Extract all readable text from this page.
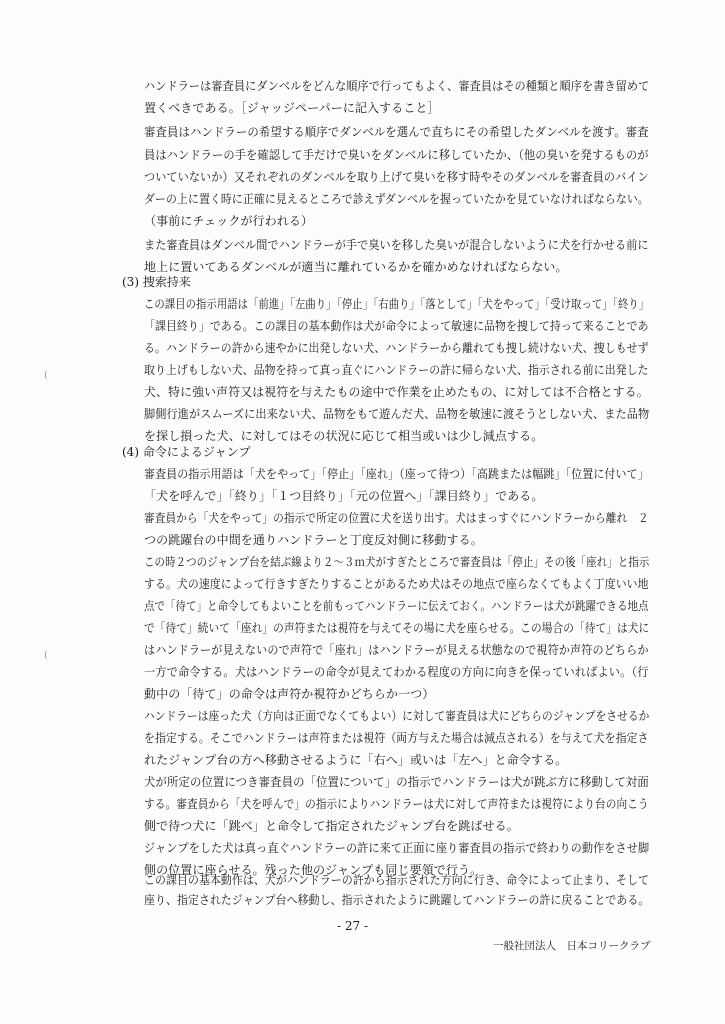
ハンドラーは審査員にダンベルをどんな順序で行ってもよく、審査員はその種類と順序を書き留めて
置くべきである。［ジャッジペーパーに記入すること］
審査員はハンドラーの希望する順序でダンベルを選んで直ちにその希望したダンベルを渡す。審査
員はハンドラーの手を確認して手だけで臭いをダンベルに移していたか、（他の臭いを発するものが
ついていないか）又それぞれのダンベルを取り上げて臭いを移す時やそのダンベルを審査員のバイン
ダーの上に置く時に正確に見えるところで診えずダンベルを握っていたかを見ていなければならない。
（事前にチェックが行われる）
また審査員はダンベル間でハンドラーが手で臭いを移した臭いが混合しないように犬を行かせる前に
地上に置いてあるダンベルが適当に離れているかを確かめなければならない。
(3) 捜索持来
この課目の指示用語は「前進」「左曲り」「停止」「右曲り」「落として」「犬をやって」「受け取って」「終り」
「課目終り」である。この課目の基本動作は犬が命令によって敏速に品物を捜して持って来ることであ
る。ハンドラーの許から速やかに出発しない犬、ハンドラーから離れても捜し続けない犬、捜しもせず
取り上げもしない犬、品物を持って真っ直ぐにハンドラーの許に帰らない犬、指示される前に出発した
犬、特に強い声符又は視符を与えたもの途中で作業を止めたもの、に対しては不合格とする。
脚側行進がスムーズに出来ない犬、品物をもて遊んだ犬、品物を敏速に渡そうとしない犬、また品物
を探し損った犬、に対してはその状況に応じて相当或いは少し減点する。
(4) 命令によるジャンプ
審査員の指示用語は「犬をやって」「停止」「座れ」（座って待つ）「高跳または幅跳」「位置に付いて」
「犬を呼んで」「終り」「１つ目終り」「元の位置へ」「課目終り」である。
審査員から「犬をやって」の指示で所定の位置に犬を送り出す。犬はまっすぐにハンドラーから離れ　２
つの跳躍台の中間を通りハンドラーと丁度反対側に移動する。
この時２つのジャンプ台を結ぶ線より２～３ｍ犬がすぎたところで審査員は「停止」その後「座れ」と指示
する。犬の速度によって行きすぎたりすることがあるため犬はその地点で座らなくてもよく丁度いい地
点で「待て」と命令してもよいことを前もってハンドラーに伝えておく。ハンドラーは犬が跳躍できる地点
で「待て」続いて「座れ」の声符または視符を与えてその場に犬を座らせる。この場合の「待て」は犬に
はハンドラーが見えないので声符で「座れ」はハンドラーが見える状態なので視符か声符のどちらか
一方で命令する。犬はハンドラーの命令が見えてわかる程度の方向に向きを保っていればよい。（行
動中の「待て」の命令は声符か視符かどちらか一つ）
ハンドラーは座った犬（方向は正面でなくてもよい）に対して審査員は犬にどちらのジャンプをさせるか
を指定する。そこでハンドラーは声符または視符（両方与えた場合は減点される）を与えて犬を指定さ
れたジャンプ台の方へ移動させるように「右へ」或いは「左へ」と命令する。
犬が所定の位置につき審査員の「位置について」の指示でハンドラーは犬が跳ぶ方に移動して対面
する。審査員から「犬を呼んで」の指示によりハンドラーは犬に対して声符または視符により台の向こう
側で待つ犬に「跳べ」と命令して指定されたジャンプ台を跳ばせる。
ジャンプをした犬は真っ直ぐハンドラーの許に来て正面に座り審査員の指示で終わりの動作をさせ脚
側の位置に座らせる。残った他のジャンプも同じ要領で行う。
この課目の基本動作は、犬がハンドラーの許から指示された方向に行き、命令によって止まり、そして
座り、指定されたジャンプ台へ移動し、指示されたように跳躍してハンドラーの許に戻ることである。
(
(
- 27 -
一般社団法人　日本コリークラブ
